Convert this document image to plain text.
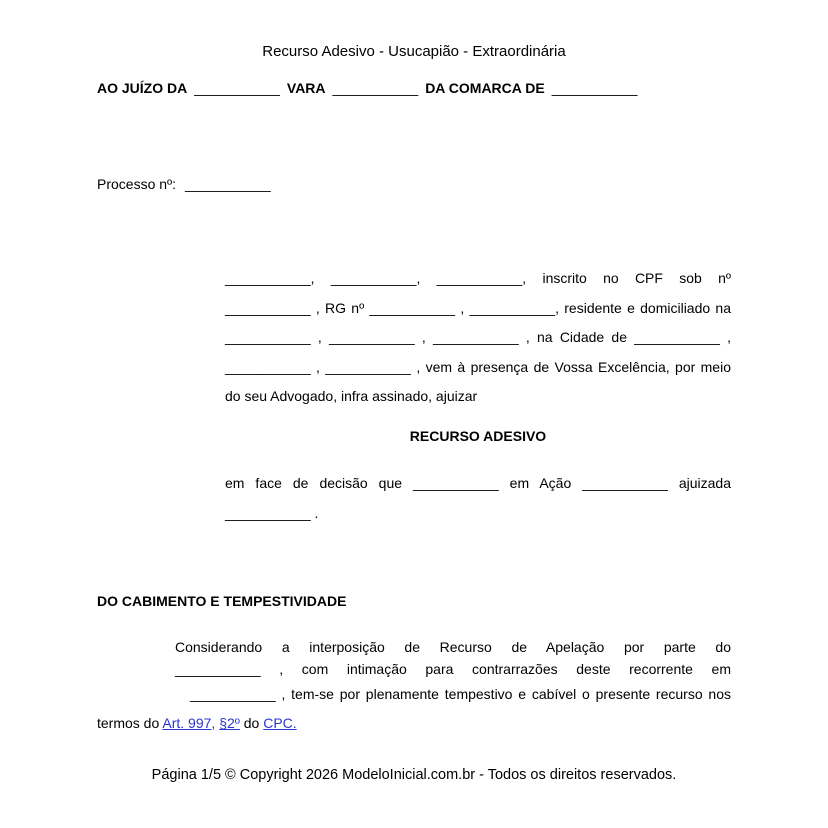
Recurso Adesivo - Usucapião - Extraordinária
AO JUÍZO DA ___________ VARA ___________ DA COMARCA DE ___________
Processo nº: ___________
___________, ___________, ___________, inscrito no CPF sob nº
___________ , RG nº ___________ , ___________, residente e domiciliado na
___________ , ___________ , ___________ , na Cidade de ___________ ,
___________ , ___________ , vem à presença de Vossa Excelência, por meio
do seu Advogado, infra assinado, ajuizar
RECURSO ADESIVO
em face de decisão que ___________ em Ação ___________ ajuizada
___________ .
DO CABIMENTO E TEMPESTIVIDADE
Considerando a interposição de Recurso de Apelação por parte do
___________ , com intimação para contrarrazões deste recorrente em
___________ , tem-se por plenamente tempestivo e cabível o presente recurso nos
termos do Art. 997, §2º do CPC.
Página 1/5 © Copyright 2026 ModeloInicial.com.br - Todos os direitos reservados.
